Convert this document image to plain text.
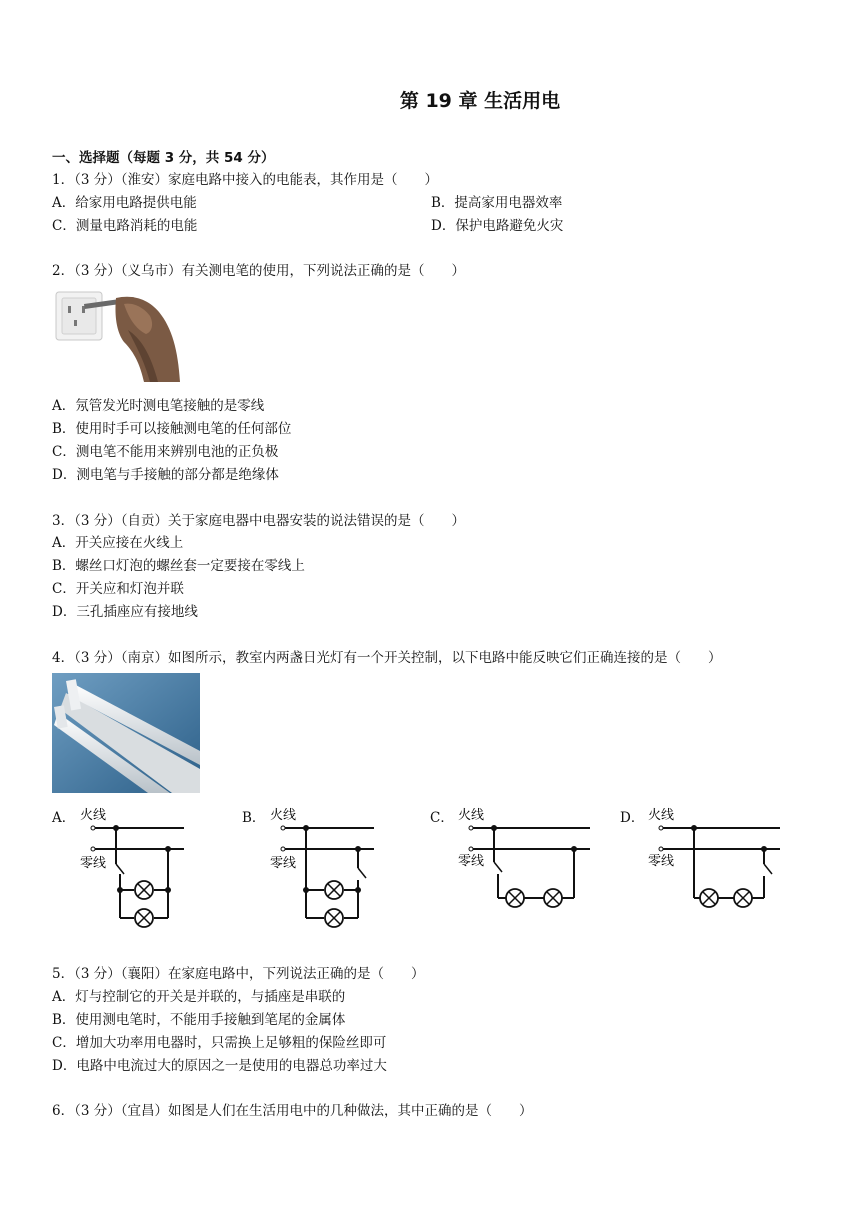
第 19 章 生活用电
一、选择题（每题 3 分，共 54 分）
1．（3 分）（淮安）家庭电路中接入的电能表，其作用是（　　）
A．给家用电路提供电能	B．提高家用电器效率
C．测量电路消耗的电能	D．保护电路避免火灾
2．（3 分）（义乌市）有关测电笔的使用，下列说法正确的是（　　）
A．氖管发光时测电笔接触的是零线
B．使用时手可以接触测电笔的任何部位
C．测电笔不能用来辨别电池的正负极
D．测电笔与手接触的部分都是绝缘体
3．（3 分）（自贡）关于家庭电器中电器安装的说法错误的是（　　）
A．开关应接在火线上
B．螺丝口灯泡的螺丝套一定要接在零线上
C．开关应和灯泡并联
D．三孔插座应有接地线
4．（3 分）（南京）如图所示，教室内两盏日光灯有一个开关控制，以下电路中能反映它们正确连接的是（　　）
A．	B．	C．	D．
火线
零线
火线
零线
火线
零线
火线
零线
5．（3 分）（襄阳）在家庭电路中，下列说法正确的是（　　）
A．灯与控制它的开关是并联的，与插座是串联的
B．使用测电笔时，不能用手接触到笔尾的金属体
C．增加大功率用电器时，只需换上足够粗的保险丝即可
D．电路中电流过大的原因之一是使用的电器总功率过大
6．（3 分）（宜昌）如图是人们在生活用电中的几种做法，其中正确的是（　　）
